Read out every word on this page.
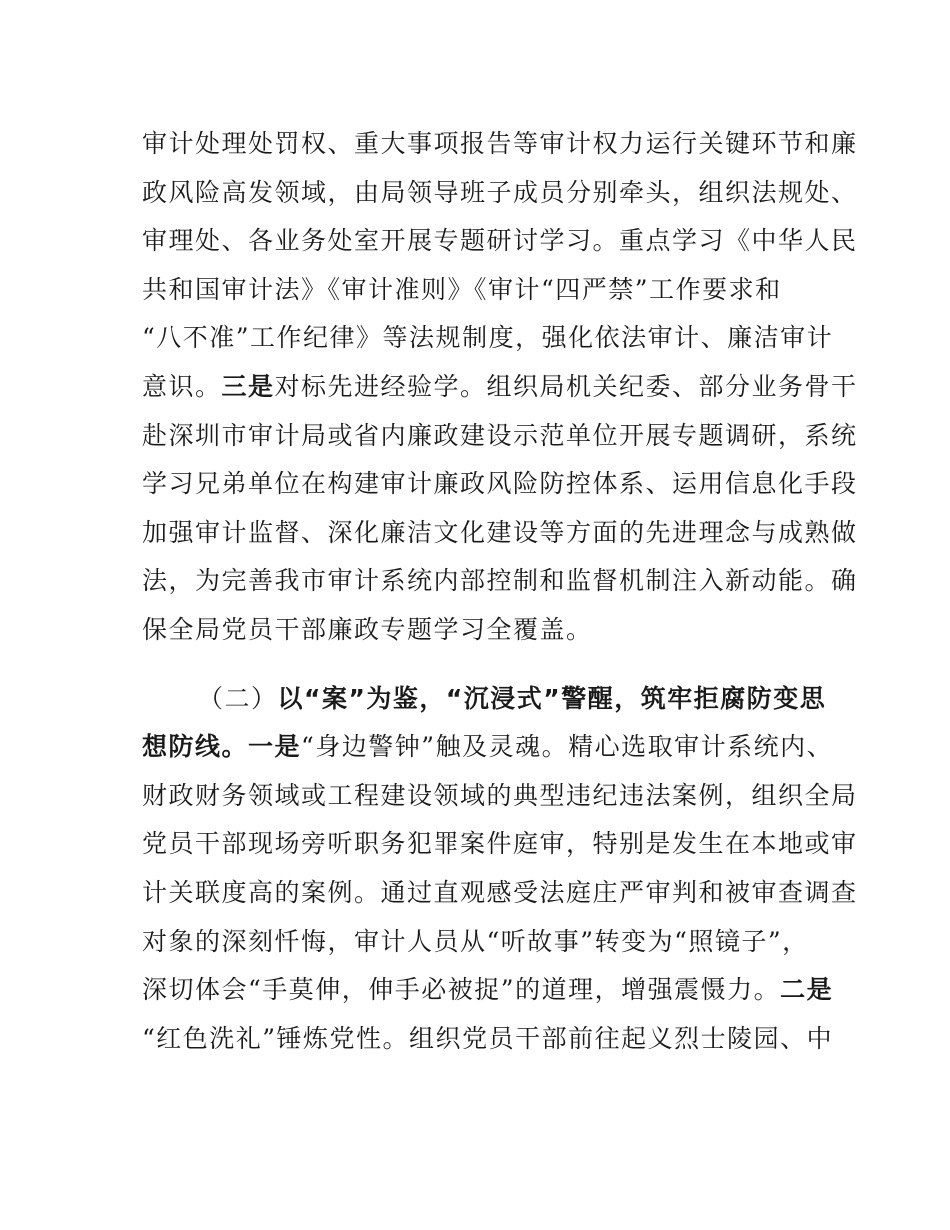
审计处理处罚权、重大事项报告等审计权力运行关键环节和廉
政风险高发领域，由局领导班子成员分别牵头，组织法规处、
审理处、各业务处室开展专题研讨学习。重点学习《中华人民
共和国审计法》《审计准则》《审计“四严禁”工作要求和
“八不准”工作纪律》等法规制度，强化依法审计、廉洁审计
意识。三是对标先进经验学。组织局机关纪委、部分业务骨干
赴深圳市审计局或省内廉政建设示范单位开展专题调研，系统
学习兄弟单位在构建审计廉政风险防控体系、运用信息化手段
加强审计监督、深化廉洁文化建设等方面的先进理念与成熟做
法，为完善我市审计系统内部控制和监督机制注入新动能。确
保全局党员干部廉政专题学习全覆盖。
（二）以“案”为鉴，“沉浸式”警醒，筑牢拒腐防变思
想防线。一是“身边警钟”触及灵魂。精心选取审计系统内、
财政财务领域或工程建设领域的典型违纪违法案例，组织全局
党员干部现场旁听职务犯罪案件庭审，特别是发生在本地或审
计关联度高的案例。通过直观感受法庭庄严审判和被审查调查
对象的深刻忏悔，审计人员从“听故事”转变为“照镜子”，
深切体会“手莫伸，伸手必被捉”的道理，增强震慑力。二是
“红色洗礼”锤炼党性。组织党员干部前往起义烈士陵园、中
